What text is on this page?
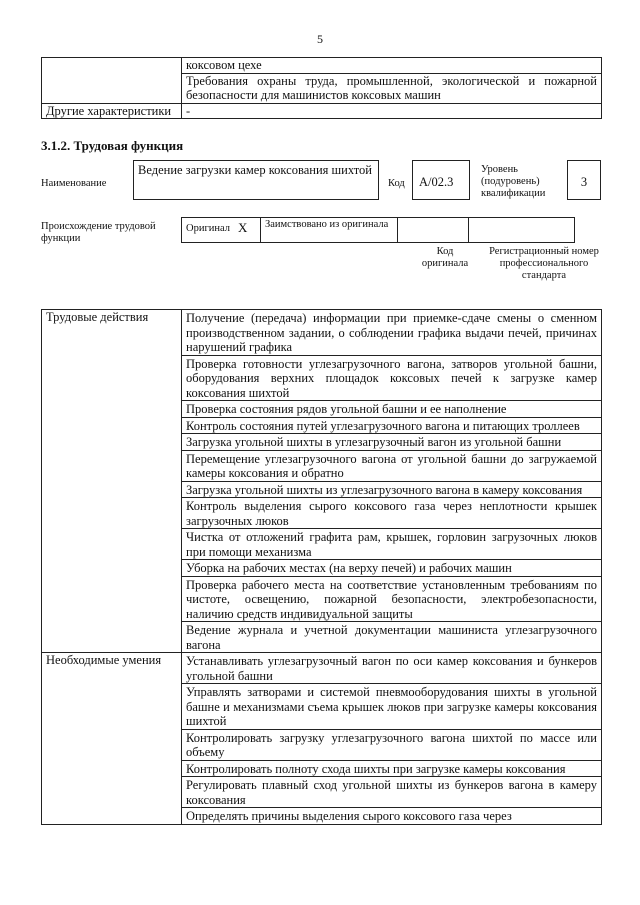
5
	коксовом цехе
	Требования охраны труда, промышленной, экологической и пожарной безопасности для машинистов коксовых машин
Другие характеристики	-
3.1.2. Трудовая функция
Наименование
Ведение загрузки камер коксования шихтой
Код	А/02.3
Уровень (подуровень) квалификации
3
Происхождение трудовой функции
Оригинал	X	Заимствовано из оригинала		
Код оригинала
Регистрационный номер профессионального стандарта
Трудовые действия	Получение (передача) информации при приемке-сдаче смены о сменном производственном задании, о соблюдении графика выдачи печей, причинах нарушений графика
	Проверка готовности углезагрузочного вагона, затворов угольной башни, оборудования верхних площадок коксовых печей к загрузке камер коксования шихтой
	Проверка состояния рядов угольной башни и ее наполнение
	Контроль состояния путей углезагрузочного вагона и питающих троллеев
	Загрузка угольной шихты в углезагрузочный вагон из угольной башни
	Перемещение углезагрузочного вагона от угольной башни до загружаемой камеры коксования и обратно
	Загрузка угольной шихты из углезагрузочного вагона в камеру коксования
	Контроль выделения сырого коксового газа через неплотности крышек загрузочных люков
	Чистка от отложений графита рам, крышек, горловин загрузочных люков при помощи механизма
	Уборка на рабочих местах (на верху печей) и рабочих машин
	Проверка рабочего места на соответствие установленным требованиям по чистоте, освещению, пожарной безопасности, электробезопасности, наличию средств индивидуальной защиты
	Ведение журнала и учетной документации машиниста углезагрузочного вагона
Необходимые умения	Устанавливать углезагрузочный вагон по оси камер коксования и бункеров угольной башни
	Управлять затворами и системой пневмооборудования шихты в угольной башне и механизмами съема крышек люков при загрузке камеры коксования шихтой
	Контролировать загрузку углезагрузочного вагона шихтой по массе или объему
	Контролировать полноту схода шихты при загрузке камеры коксования
	Регулировать плавный сход угольной шихты из бункеров вагона в камеру коксования
	Определять причины выделения сырого коксового газа через
